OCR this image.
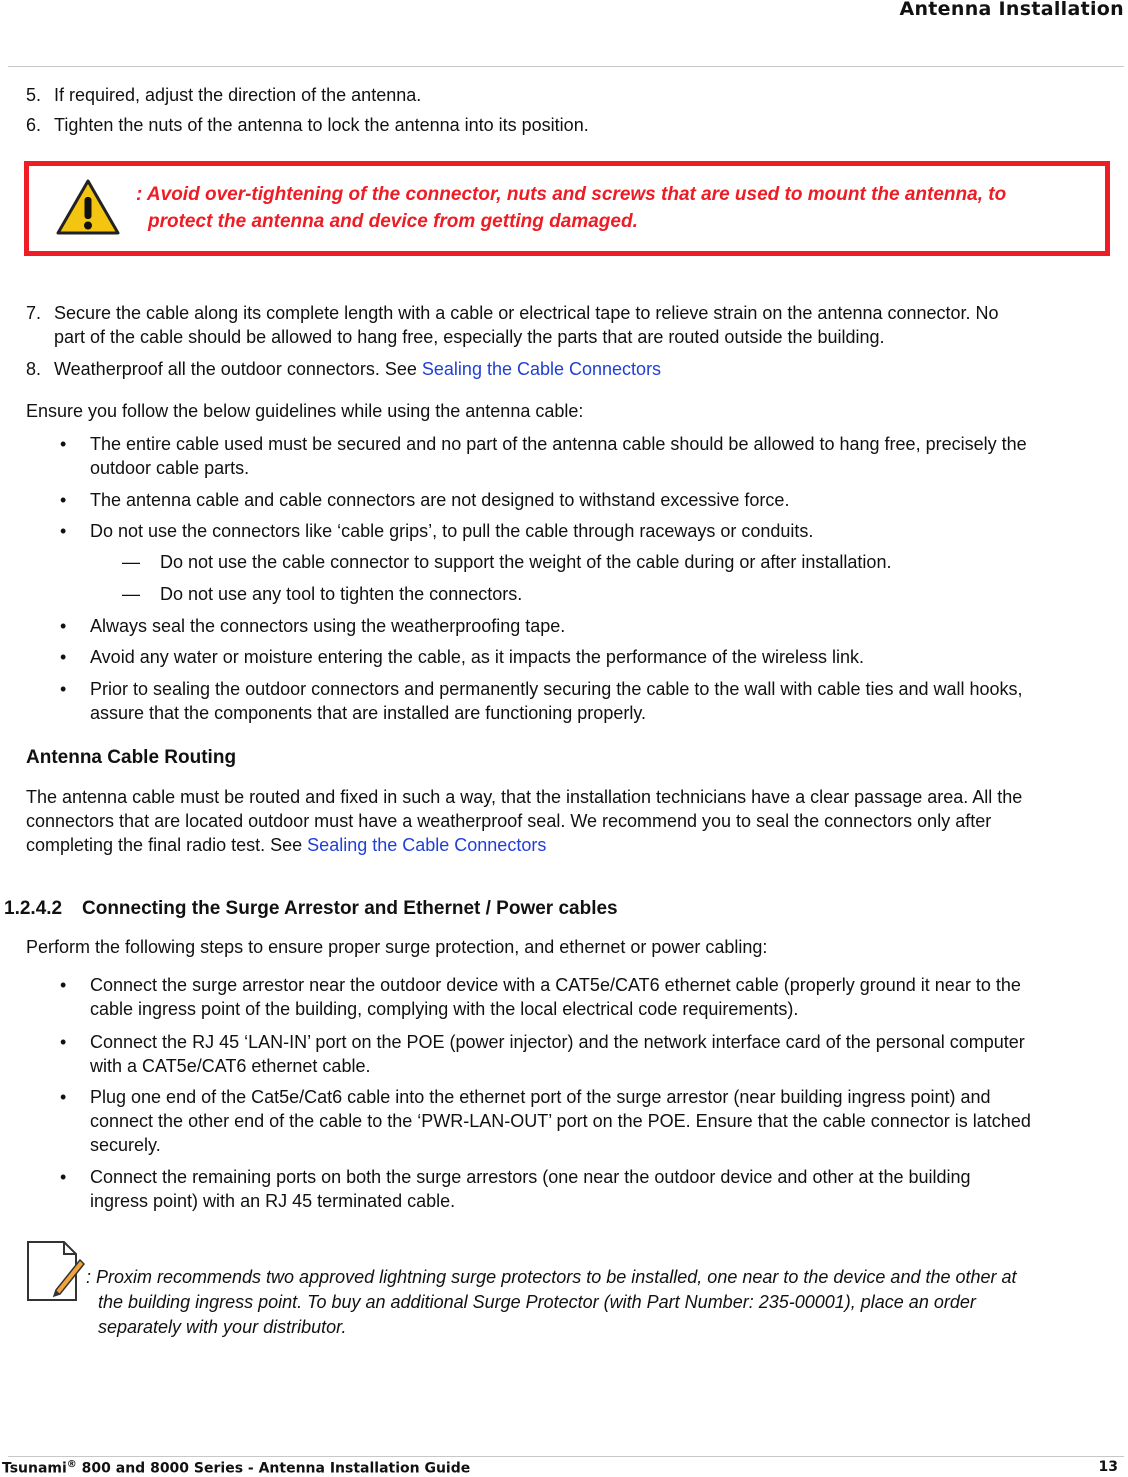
Antenna Installation
5. If required, adjust the direction of the antenna.
6. Tighten the nuts of the antenna to lock the antenna into its position.
: Avoid over-tightening of the connector, nuts and screws that are used to mount the antenna, to
protect the antenna and device from getting damaged.
7. Secure the cable along its complete length with a cable or electrical tape to relieve strain on the antenna connector. No
part of the cable should be allowed to hang free, especially the parts that are routed outside the building.
8. Weatherproof all the outdoor connectors. See Sealing the Cable Connectors
Ensure you follow the below guidelines while using the antenna cable:
• The entire cable used must be secured and no part of the antenna cable should be allowed to hang free, precisely the
outdoor cable parts.
• The antenna cable and cable connectors are not designed to withstand excessive force.
• Do not use the connectors like ‘cable grips’, to pull the cable through raceways or conduits.
— Do not use the cable connector to support the weight of the cable during or after installation.
— Do not use any tool to tighten the connectors.
• Always seal the connectors using the weatherproofing tape.
• Avoid any water or moisture entering the cable, as it impacts the performance of the wireless link.
• Prior to sealing the outdoor connectors and permanently securing the cable to the wall with cable ties and wall hooks,
assure that the components that are installed are functioning properly.
Antenna Cable Routing
The antenna cable must be routed and fixed in such a way, that the installation technicians have a clear passage area. All the
connectors that are located outdoor must have a weatherproof seal. We recommend you to seal the connectors only after
completing the final radio test. See Sealing the Cable Connectors
1.2.4.2 Connecting the Surge Arrestor and Ethernet / Power cables
Perform the following steps to ensure proper surge protection, and ethernet or power cabling:
• Connect the surge arrestor near the outdoor device with a CAT5e/CAT6 ethernet cable (properly ground it near to the
cable ingress point of the building, complying with the local electrical code requirements).
• Connect the RJ 45 ‘LAN-IN’ port on the POE (power injector) and the network interface card of the personal computer
with a CAT5e/CAT6 ethernet cable.
• Plug one end of the Cat5e/Cat6 cable into the ethernet port of the surge arrestor (near building ingress point) and
connect the other end of the cable to the ‘PWR-LAN-OUT’ port on the POE. Ensure that the cable connector is latched
securely.
• Connect the remaining ports on both the surge arrestors (one near the outdoor device and other at the building
ingress point) with an RJ 45 terminated cable.
: Proxim recommends two approved lightning surge protectors to be installed, one near to the device and the other at
the building ingress point. To buy an additional Surge Protector (with Part Number: 235-00001), place an order
separately with your distributor.
Tsunami® 800 and 8000 Series - Antenna Installation Guide	13
